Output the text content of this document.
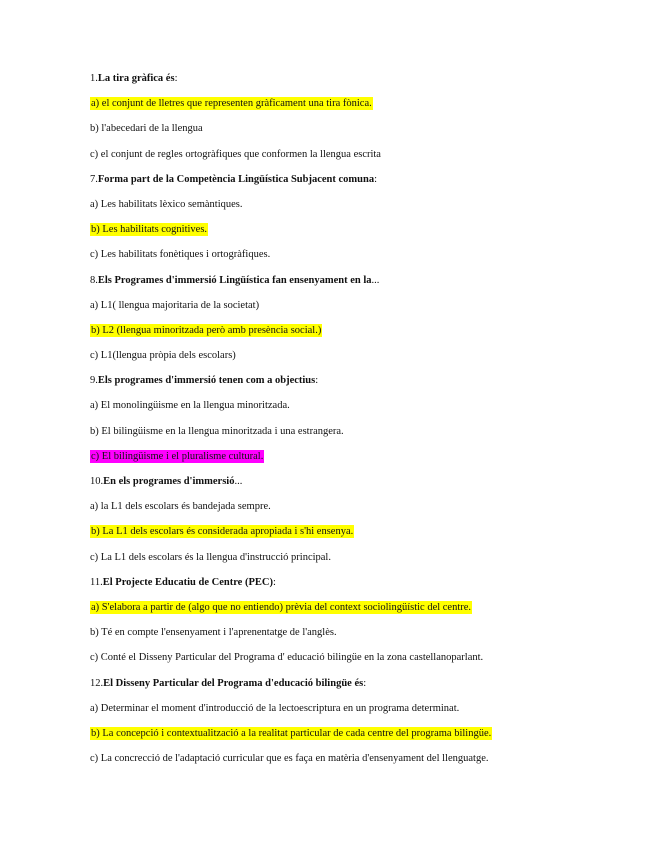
1.La tira gràfica és:
a) el conjunt de lletres que representen gràficament una tira fònica.
b) l'abecedari de la llengua
c) el conjunt de regles ortogràfiques que conformen la llengua escrita
7.Forma part de la Competència Lingüística Subjacent comuna:
a) Les habilitats lèxico semàntiques.
b) Les habilitats cognitives.
c) Les habilitats fonètiques i ortogràfiques.
8.Els Programes d'immersió Lingüística fan ensenyament en la...
a) L1( llengua majoritaria de la societat)
b) L2 (llengua minoritzada però amb presència social.)
c) L1(llengua pròpia dels escolars)
9.Els programes d'immersió tenen com a objectius:
a) El monolingüisme en la llengua minoritzada.
b) El bilingüisme en la llengua minoritzada i una estrangera.
c) El bilingüisme i el pluralisme cultural.
10.En els programes d'immersió...
a) la L1 dels escolars és bandejada sempre.
b) La L1 dels escolars és considerada apropiada i s'hi ensenya.
c) La L1 dels escolars és la llengua d'instrucció principal.
11.El Projecte Educatiu de Centre (PEC):
a) S'elabora a partir de (algo que no entiendo) prèvia del context sociolingüístic del centre.
b) Té en compte l'ensenyament i l'aprenentatge de l'anglès.
c) Conté el Disseny Particular del Programa d' educació bilingüe en la zona castellanoparlant.
12.El Disseny Particular del Programa d'educació bilingüe és:
a) Determinar el moment d'introducció de la lectoescriptura en un programa determinat.
b) La concepció i contextualització a la realitat particular de cada centre del programa bilingüe.
c) La concrecció de l'adaptació curricular que es faça en matèria d'ensenyament del llenguatge.
